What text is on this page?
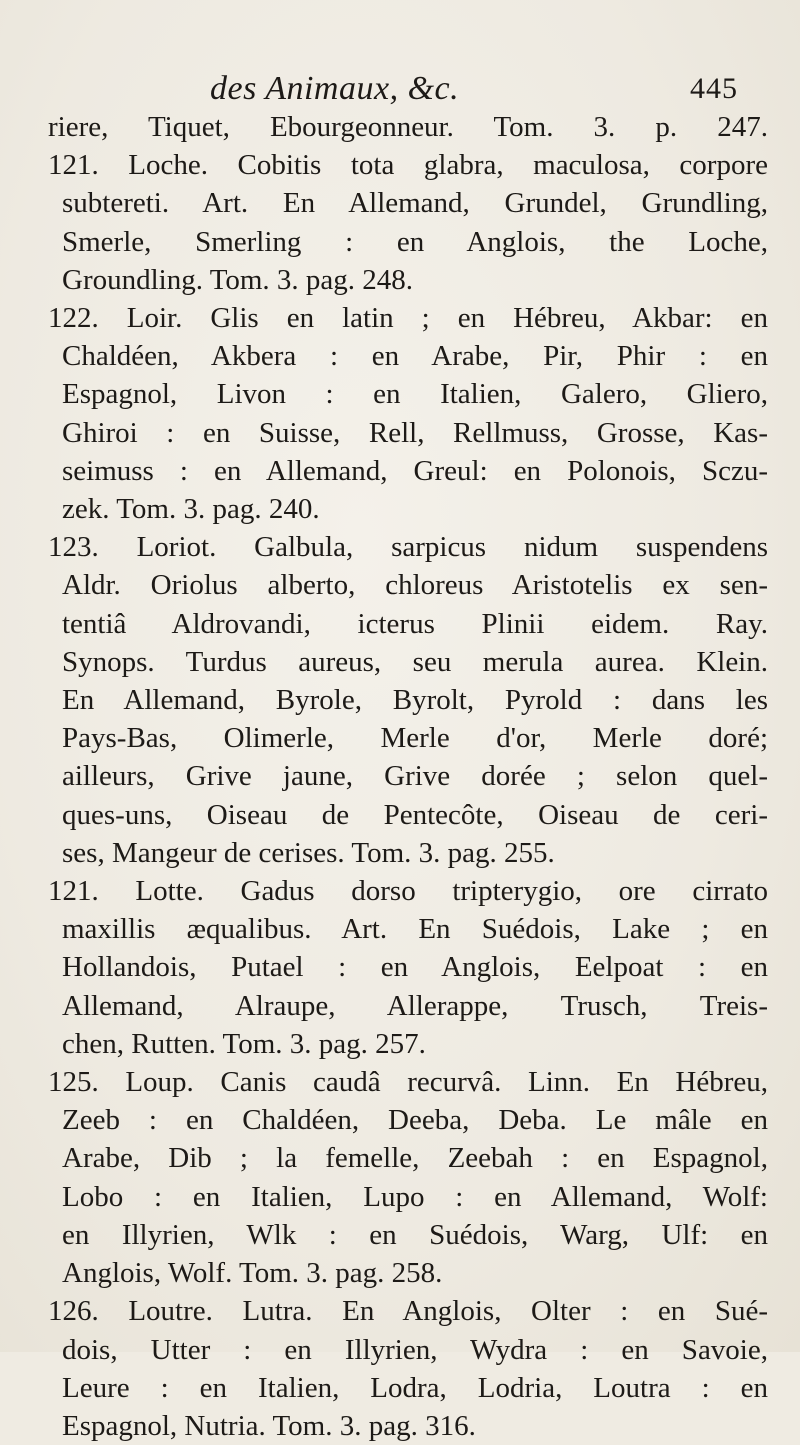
des Animaux, &c.	445
riere, Tiquet, Ebourgeonneur. Tom. 3. p. 247.
121. Loche. Cobitis tota glabra, maculosa, corpore
subtereti. Art. En Allemand, Grundel, Grundling,
Smerle, Smerling : en Anglois, the Loche,
Groundling. Tom. 3. pag. 248.
122. Loir. Glis en latin ; en Hébreu, Akbar: en
Chaldéen, Akbera : en Arabe, Pir, Phir : en
Espagnol, Livon : en Italien, Galero, Gliero,
Ghiroi : en Suisse, Rell, Rellmuss, Grosse, Kas-
seimuss : en Allemand, Greul: en Polonois, Sczu-
zek. Tom. 3. pag. 240.
123. Loriot. Galbula, sarpicus nidum suspendens
Aldr. Oriolus alberto, chloreus Aristotelis ex sen-
tentiâ Aldrovandi, icterus Plinii eidem. Ray.
Synops. Turdus aureus, seu merula aurea. Klein.
En Allemand, Byrole, Byrolt, Pyrold : dans les
Pays-Bas, Olimerle, Merle d'or, Merle doré;
ailleurs, Grive jaune, Grive dorée ; selon quel-
ques-uns, Oiseau de Pentecôte, Oiseau de ceri-
ses, Mangeur de cerises. Tom. 3. pag. 255.
121. Lotte. Gadus dorso tripterygio, ore cirrato
maxillis æqualibus. Art. En Suédois, Lake ; en
Hollandois, Putael : en Anglois, Eelpoat : en
Allemand, Alraupe, Allerappe, Trusch, Treis-
chen, Rutten. Tom. 3. pag. 257.
125. Loup. Canis caudâ recurvâ. Linn. En Hébreu,
Zeeb : en Chaldéen, Deeba, Deba. Le mâle en
Arabe, Dib ; la femelle, Zeebah : en Espagnol,
Lobo : en Italien, Lupo : en Allemand, Wolf:
en Illyrien, Wlk : en Suédois, Warg, Ulf: en
Anglois, Wolf. Tom. 3. pag. 258.
126. Loutre. Lutra. En Anglois, Olter : en Sué-
dois, Utter : en Illyrien, Wydra : en Savoie,
Leure : en Italien, Lodra, Lodria, Loutra : en
Espagnol, Nutria. Tom. 3. pag. 316.
